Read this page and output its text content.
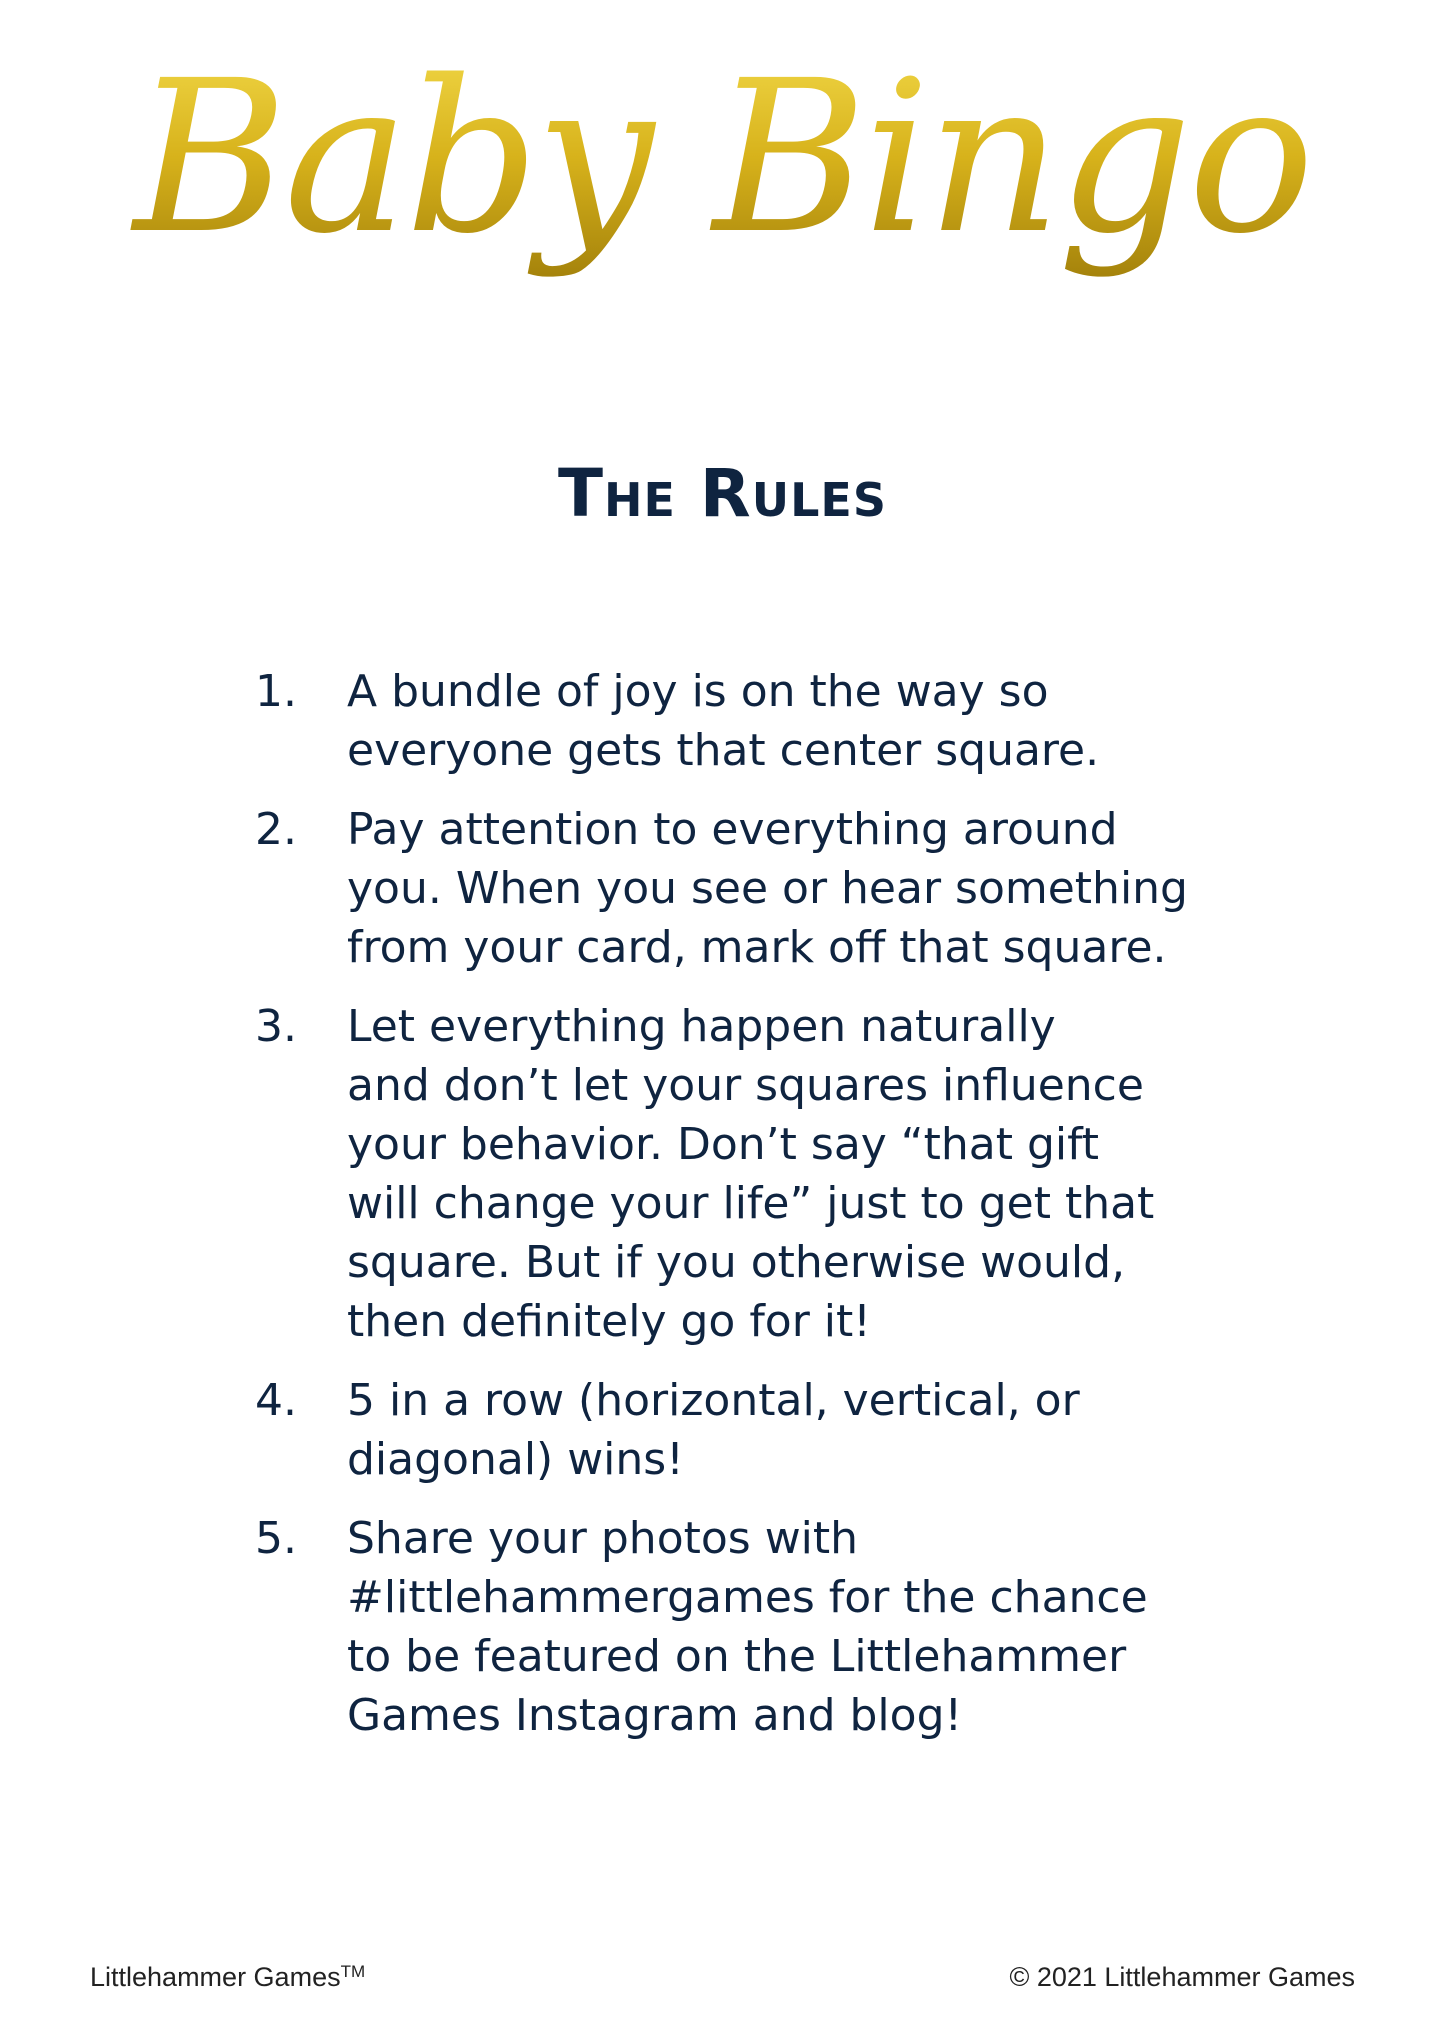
Baby Bingo
The Rules
1.	A bundle of joy is on the way so
everyone gets that center square.
2.	Pay attention to everything around
you. When you see or hear something
from your card, mark off that square.
3.	Let everything happen naturally
and don’t let your squares influence
your behavior. Don’t say “that gift
will change your life” just to get that
square. But if you otherwise would,
then definitely go for it!
4.	5 in a row (horizontal, vertical, or
diagonal) wins!
5.	Share your photos with
#littlehammergames for the chance
to be featured on the Littlehammer
Games Instagram and blog!
Littlehammer Games™	© 2021 Littlehammer Games
